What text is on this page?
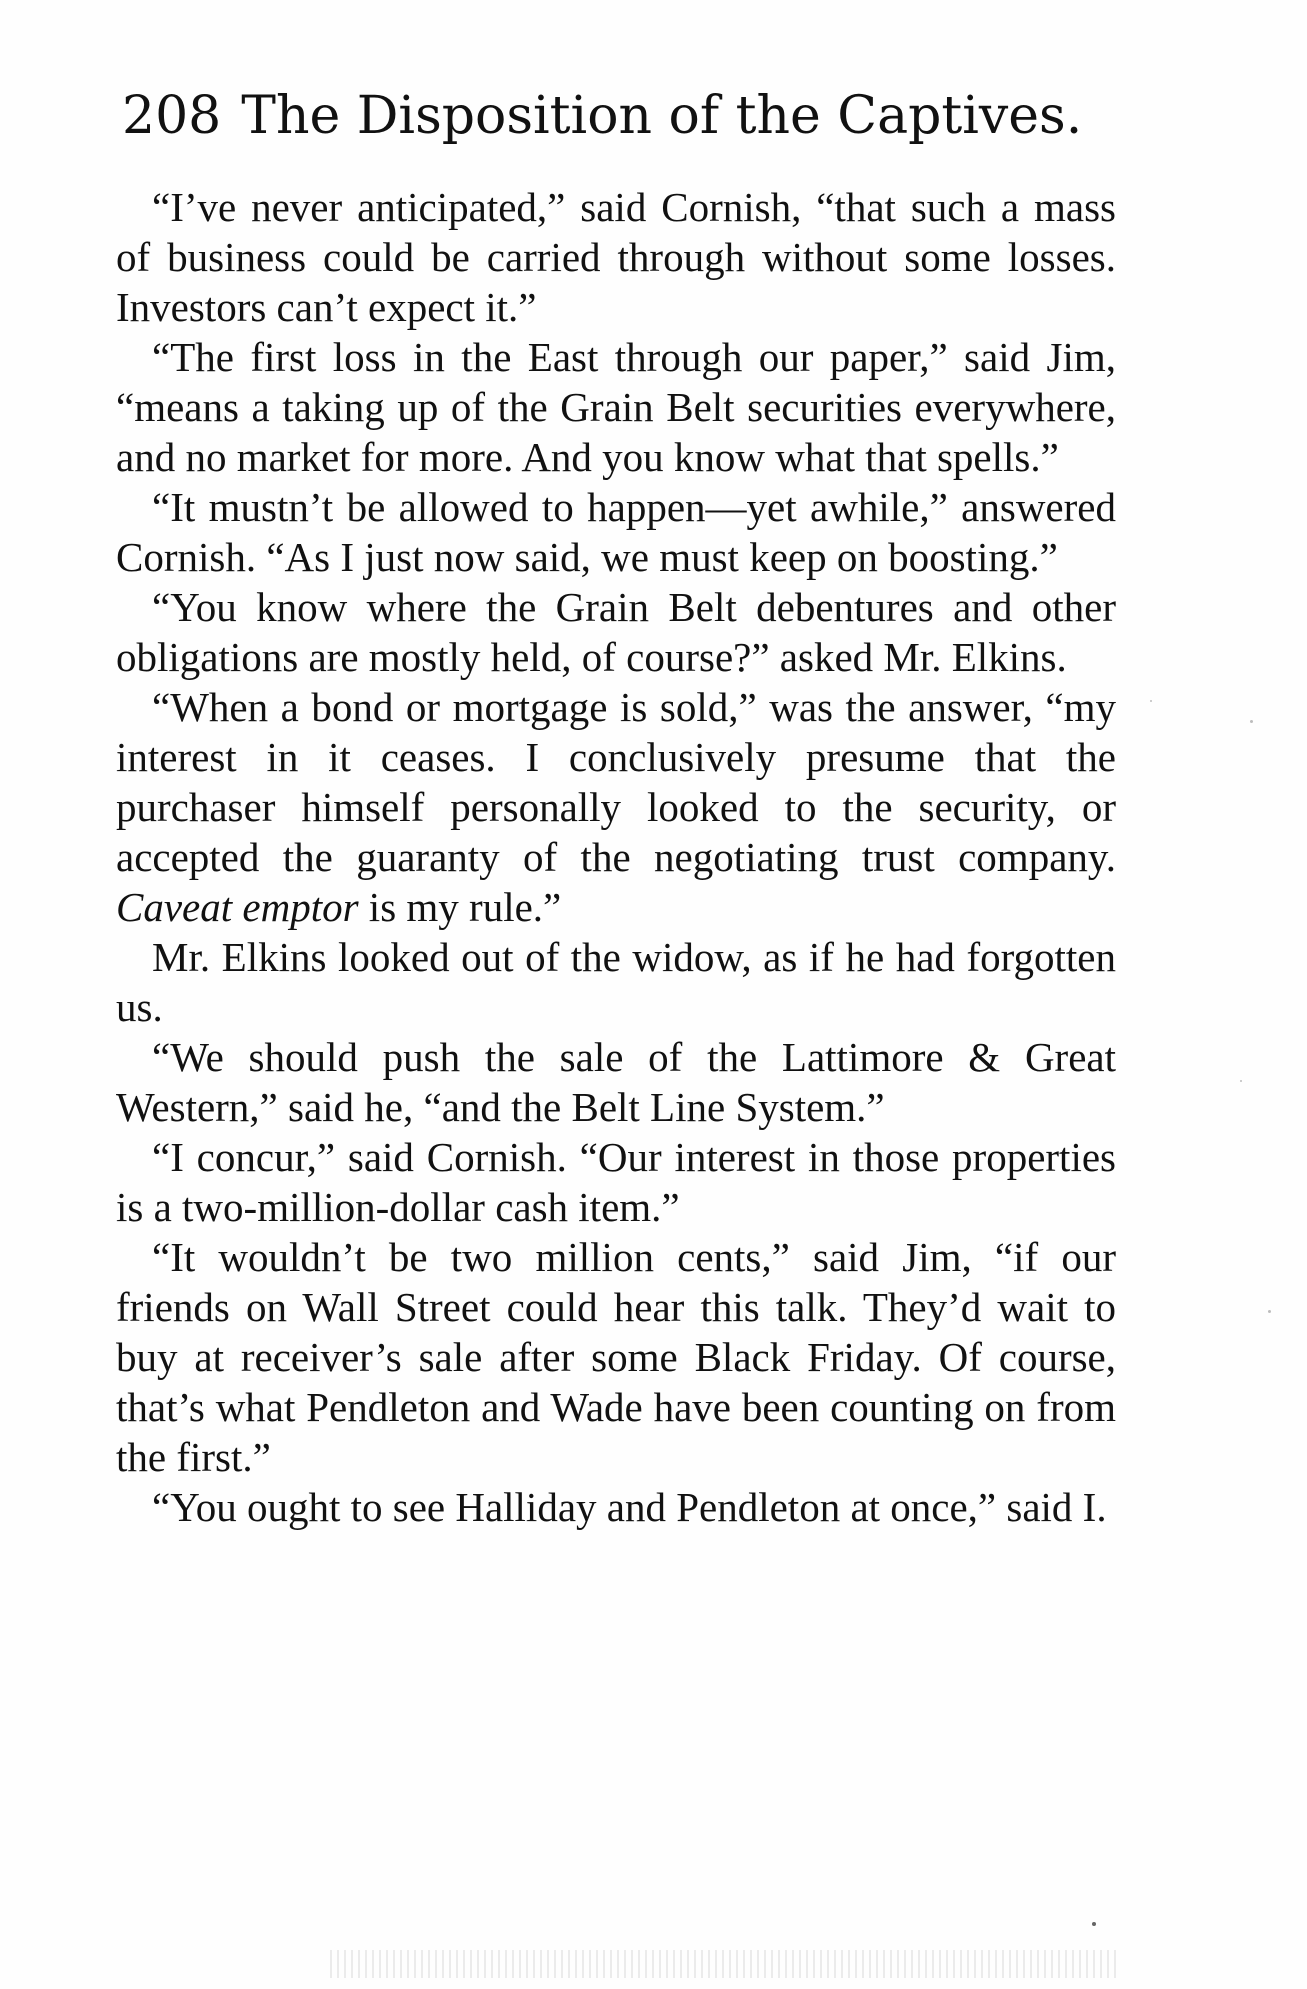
208 The Disposition of the Captives.

“I’ve never anticipated,” said Cornish, “that such a mass of business could be carried through without some losses. Investors can’t expect it.”

“The first loss in the East through our paper,” said Jim, “means a taking up of the Grain Belt securities everywhere, and no market for more. And you know what that spells.”

“It mustn’t be allowed to happen—yet awhile,” answered Cornish. “As I just now said, we must keep on boosting.”

“You know where the Grain Belt debentures and other obligations are mostly held, of course?” asked Mr. Elkins.

“When a bond or mortgage is sold,” was the answer, “my interest in it ceases. I conclusively presume that the purchaser himself personally looked to the security, or accepted the guaranty of the negotiating trust company. Caveat emptor is my rule.”

Mr. Elkins looked out of the widow, as if he had forgotten us.

“We should push the sale of the Lattimore & Great Western,” said he, “and the Belt Line System.”

“I concur,” said Cornish. “Our interest in those properties is a two-million-dollar cash item.”

“It wouldn’t be two million cents,” said Jim, “if our friends on Wall Street could hear this talk. They’d wait to buy at receiver’s sale after some Black Friday. Of course, that’s what Pendleton and Wade have been counting on from the first.”

“You ought to see Halliday and Pendleton at once,” said I.
